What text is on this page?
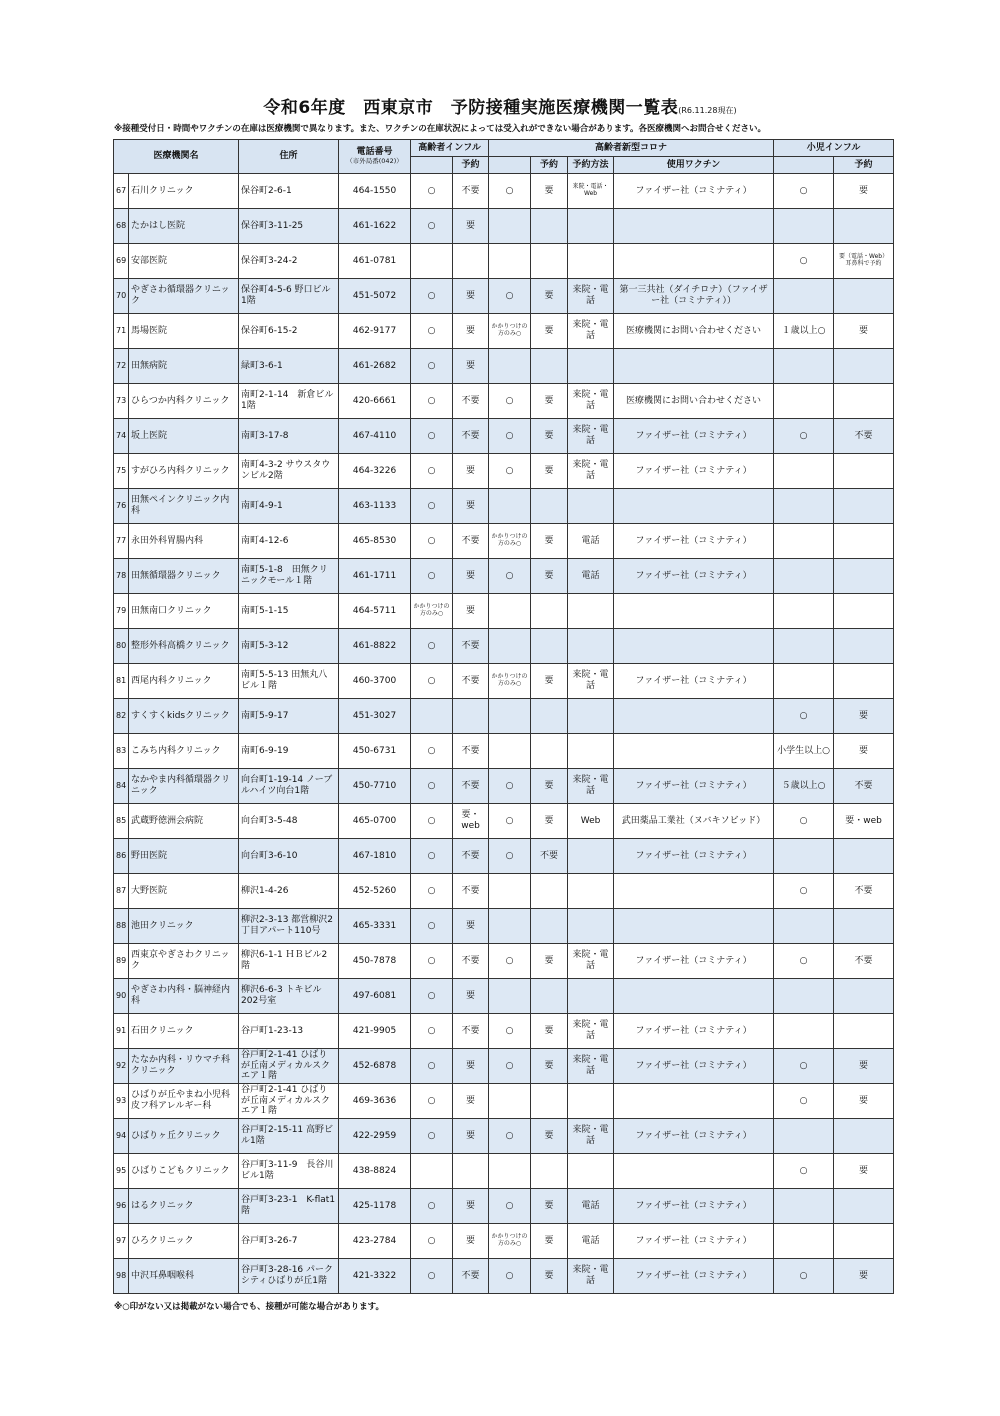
令和6年度　西東京市　予防接種実施医療機関一覧表(R6.11.28現在)
※接種受付日・時間やワクチンの在庫は医療機関で異なります。また、ワクチンの在庫状況によっては受入れができない場合があります。各医療機関へお問合せください。
医療機関名		住所	電話番号
（市外局番(042)）	高齢者インフル		高齢者新型コロナ				小児インフル	
					予約		予約	予約方法	使用ワクチン		予約
67	石川クリニック	保谷町2-6-1	464-1550	○	不要	○	要	来院・電話・Web	ファイザー社（コミナティ）	○	要
68	たかはし医院	保谷町3-11-25	461-1622	○	要						
69	安部医院	保谷町3-24-2	461-0781							○	要（電話・Web）耳鼻科で予約
70	やぎさわ循環器クリニック	保谷町4-5-6 野口ビル1階	451-5072	○	要	○	要	来院・電話	第一三共社（ダイチロナ）（ファイザー社（コミナティ））		
71	馬場医院	保谷町6-15-2	462-9177	○	要	かかりつけの方のみ○	要	来院・電話	医療機関にお問い合わせください	１歳以上○	要
72	田無病院	緑町3-6-1	461-2682	○	要						
73	ひらつか内科クリニック	南町2-1-14　新倉ビル1階	420-6661	○	不要	○	要	来院・電話	医療機関にお問い合わせください		
74	坂上医院	南町3-17-8	467-4110	○	不要	○	要	来院・電話	ファイザー社（コミナティ）	○	不要
75	すがひろ内科クリニック	南町4-3-2 サウスタウンビル2階	464-3226	○	要	○	要	来院・電話	ファイザー社（コミナティ）		
76	田無ペインクリニック内科	南町4-9-1	463-1133	○	要						
77	永田外科胃腸内科	南町4-12-6	465-8530	○	不要	かかりつけの方のみ○	要	電話	ファイザー社（コミナティ）		
78	田無循環器クリニック	南町5-1-8　田無クリニックモール１階	461-1711	○	要	○	要	電話	ファイザー社（コミナティ）		
79	田無南口クリニック	南町5-1-15	464-5711	かかりつけの方のみ○	要						
80	整形外科高橋クリニック	南町5-3-12	461-8822	○	不要						
81	西尾内科クリニック	南町5-5-13 田無丸八ビル１階	460-3700	○	不要	かかりつけの方のみ○	要	来院・電話	ファイザー社（コミナティ）		
82	すくすくkidsクリニック	南町5-9-17	451-3027							○	要
83	こみち内科クリニック	南町6-9-19	450-6731	○	不要					小学生以上○	要
84	なかやま内科循環器クリニック	向台町1-19-14 ノーブルハイツ向台1階	450-7710	○	不要	○	要	来院・電話	ファイザー社（コミナティ）	５歳以上○	不要
85	武蔵野徳洲会病院	向台町3-5-48	465-0700	○	要・web	○	要	Web	武田薬品工業社（ヌバキソビッド）	○	要・web
86	野田医院	向台町3-6-10	467-1810	○	不要	○	不要		ファイザー社（コミナティ）		
87	大野医院	柳沢1-4-26	452-5260	○	不要					○	不要
88	池田クリニック	柳沢2-3-13 都営柳沢2丁目アパート110号	465-3331	○	要						
89	西東京やぎさわクリニック	柳沢6-1-1 ＨＢビル2階	450-7878	○	不要	○	要	来院・電話	ファイザー社（コミナティ）	○	不要
90	やぎさわ内科・脳神経内科	柳沢6-6-3 トキビル202号室	497-6081	○	要						
91	石田クリニック	谷戸町1-23-13	421-9905	○	不要	○	要	来院・電話	ファイザー社（コミナティ）		
92	たなか内科・リウマチ科クリニック	谷戸町2-1-41 ひばりが丘南メディカルスクエア１階	452-6878	○	要	○	要	来院・電話	ファイザー社（コミナティ）	○	要
93	ひばりが丘やまね小児科皮フ科アレルギー科	谷戸町2-1-41 ひばりが丘南メディカルスクエア１階	469-3636	○	要					○	要
94	ひばりヶ丘クリニック	谷戸町2-15-11 高野ビル1階	422-2959	○	要	○	要	来院・電話	ファイザー社（コミナティ）		
95	ひばりこどもクリニック	谷戸町3-11-9　長谷川ビル1階	438-8824							○	要
96	はるクリニック	谷戸町3-23-1　K-flat1階	425-1178	○	要	○	要	電話	ファイザー社（コミナティ）		
97	ひろクリニック	谷戸町3-26-7	423-2784	○	要	かかりつけの方のみ○	要	電話	ファイザー社（コミナティ）		
98	中沢耳鼻咽喉科	谷戸町3-28-16 パークシティひばりが丘1階	421-3322	○	不要	○	要	来院・電話	ファイザー社（コミナティ）	○	要
※○印がない又は掲載がない場合でも、接種が可能な場合があります。
